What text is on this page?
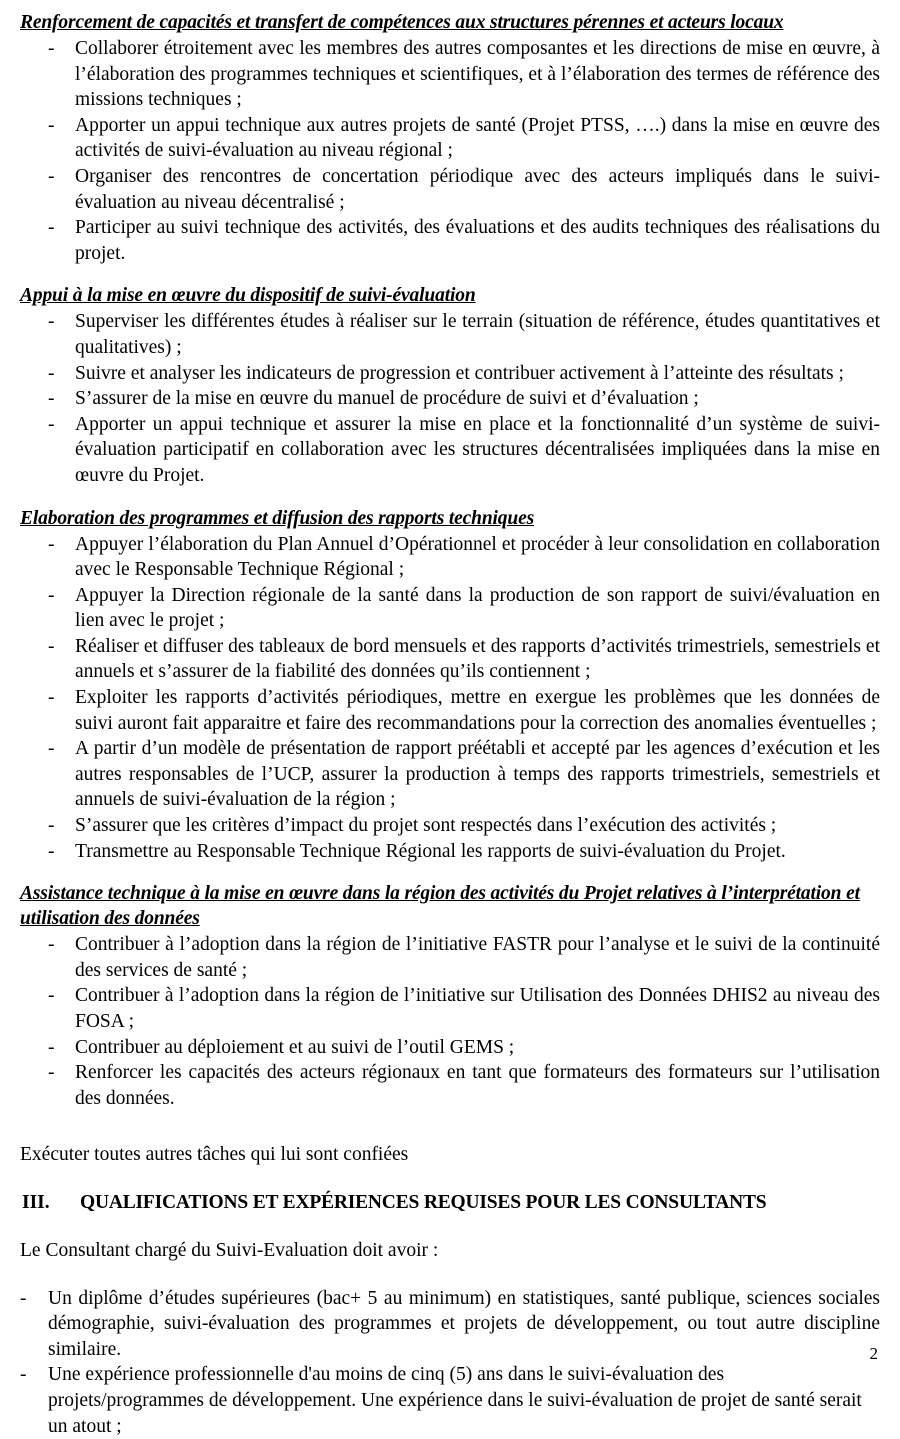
Renforcement de capacités et transfert de compétences aux structures pérennes et acteurs locaux
- Collaborer étroitement avec les membres des autres composantes et les directions de mise en œuvre, à l’élaboration des programmes techniques et scientifiques, et à l’élaboration des termes de référence des missions techniques ;
- Apporter un appui technique aux autres projets de santé (Projet PTSS, ….) dans la mise en œuvre des activités de suivi-évaluation au niveau régional ;
- Organiser des rencontres de concertation périodique avec des acteurs impliqués dans le suivi-évaluation au niveau décentralisé ;
- Participer au suivi technique des activités, des évaluations et des audits techniques des réalisations du projet.
Appui à la mise en œuvre du dispositif de suivi-évaluation
- Superviser les différentes études à réaliser sur le terrain (situation de référence, études quantitatives et qualitatives) ;
- Suivre et analyser les indicateurs de progression et contribuer activement à l’atteinte des résultats ;
- S’assurer de la mise en œuvre du manuel de procédure de suivi et d’évaluation ;
- Apporter un appui technique et assurer la mise en place et la fonctionnalité d’un système de suivi-évaluation participatif en collaboration avec les structures décentralisées impliquées dans la mise en œuvre du Projet.
Elaboration des programmes et diffusion des rapports techniques
- Appuyer l’élaboration du Plan Annuel d’Opérationnel et procéder à leur consolidation en collaboration avec le Responsable Technique Régional ;
- Appuyer la Direction régionale de la santé dans la production de son rapport de suivi/évaluation en lien avec le projet ;
- Réaliser et diffuser des tableaux de bord mensuels et des rapports d’activités trimestriels, semestriels et annuels et s’assurer de la fiabilité des données qu’ils contiennent ;
- Exploiter les rapports d’activités périodiques, mettre en exergue les problèmes que les données de suivi auront fait apparaitre et faire des recommandations pour la correction des anomalies éventuelles ;
- A partir d’un modèle de présentation de rapport préétabli et accepté par les agences d’exécution et les autres responsables de l’UCP, assurer la production à temps des rapports trimestriels, semestriels et annuels de suivi-évaluation de la région ;
- S’assurer que les critères d’impact du projet sont respectés dans l’exécution des activités ;
- Transmettre au Responsable Technique Régional les rapports de suivi-évaluation du Projet.
Assistance technique à la mise en œuvre dans la région des activités du Projet relatives à l’interprétation et utilisation des données
- Contribuer à l’adoption dans la région de l’initiative FASTR pour l’analyse et le suivi de la continuité des services de santé ;
- Contribuer à l’adoption dans la région de l’initiative sur Utilisation des Données DHIS2 au niveau des FOSA ;
- Contribuer au déploiement et au suivi de l’outil GEMS ;
- Renforcer les capacités des acteurs régionaux en tant que formateurs des formateurs sur l’utilisation des données.

Exécuter toutes autres tâches qui lui sont confiées

III.	QUALIFICATIONS ET EXPÉRIENCES REQUISES POUR LES CONSULTANTS

Le Consultant chargé du Suivi-Evaluation doit avoir :

- Un diplôme d’études supérieures (bac+ 5 au minimum) en statistiques, santé publique, sciences sociales démographie, suivi-évaluation des programmes et projets de développement, ou tout autre discipline similaire.
- Une expérience professionnelle d'au moins de cinq (5) ans dans le suivi-évaluation des projets/programmes de développement. Une expérience dans le suivi-évaluation de projet de santé serait un atout ;
2
